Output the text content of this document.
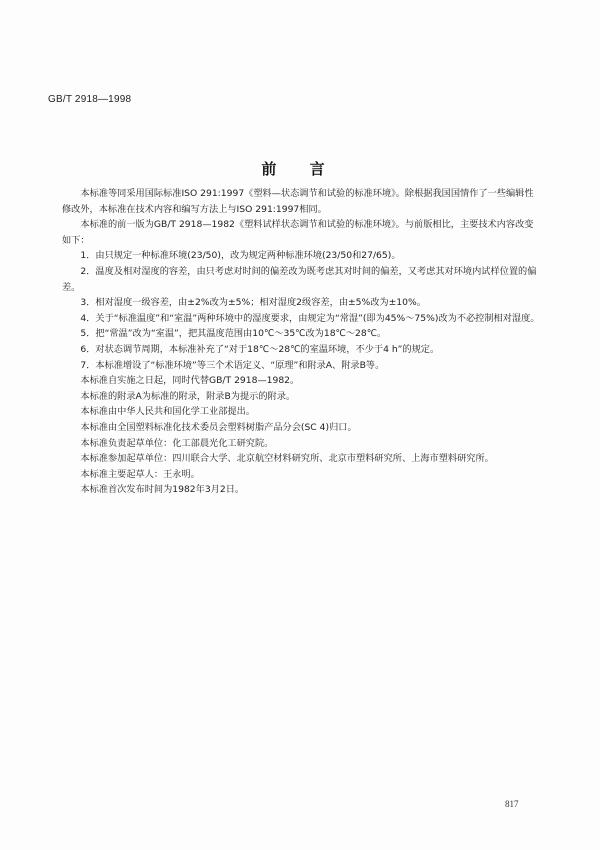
GB/T 2918—1998
前 言

本标准等同采用国际标准ISO 291:1997《塑料—状态调节和试验的标准环境》。除根据我国国情作了一些编辑性修改外，本标准在技术内容和编写方法上与ISO 291:1997相同。

本标准的前一版为GB/T 2918—1982《塑料试样状态调节和试验的标准环境》。与前版相比，主要技术内容改变如下：

1．由只规定一种标准环境(23/50)，改为规定两种标准环境(23/50和27/65)。

2．温度及相对湿度的容差，由只考虑对时间的偏差改为既考虑其对时间的偏差，又考虑其对环境内试样位置的偏差。

3．相对湿度一级容差，由±2%改为±5%；相对湿度2级容差，由±5%改为±10%。

4．关于“标准温度”和“室温”两种环境中的湿度要求，由规定为“常湿”(即为45%～75%)改为不必控制相对湿度。

5．把“常温”改为“室温”，把其温度范围由10℃～35℃改为18℃～28℃。

6．对状态调节周期，本标准补充了“对于18℃～28℃的室温环境，不少于4 h”的规定。

7．本标准增设了“标准环境”等三个术语定义、“原理”和附录A、附录B等。

本标准自实施之日起，同时代替GB/T 2918—1982。

本标准的附录A为标准的附录，附录B为提示的附录。

本标准由中华人民共和国化学工业部提出。

本标准由全国塑料标准化技术委员会塑料树脂产品分会(SC 4)归口。

本标准负责起草单位：化工部晨光化工研究院。

本标准参加起草单位：四川联合大学、北京航空材料研究所、北京市塑料研究所、上海市塑料研究所。

本标准主要起草人：王永明。

本标准首次发布时间为1982年3月2日。

817
